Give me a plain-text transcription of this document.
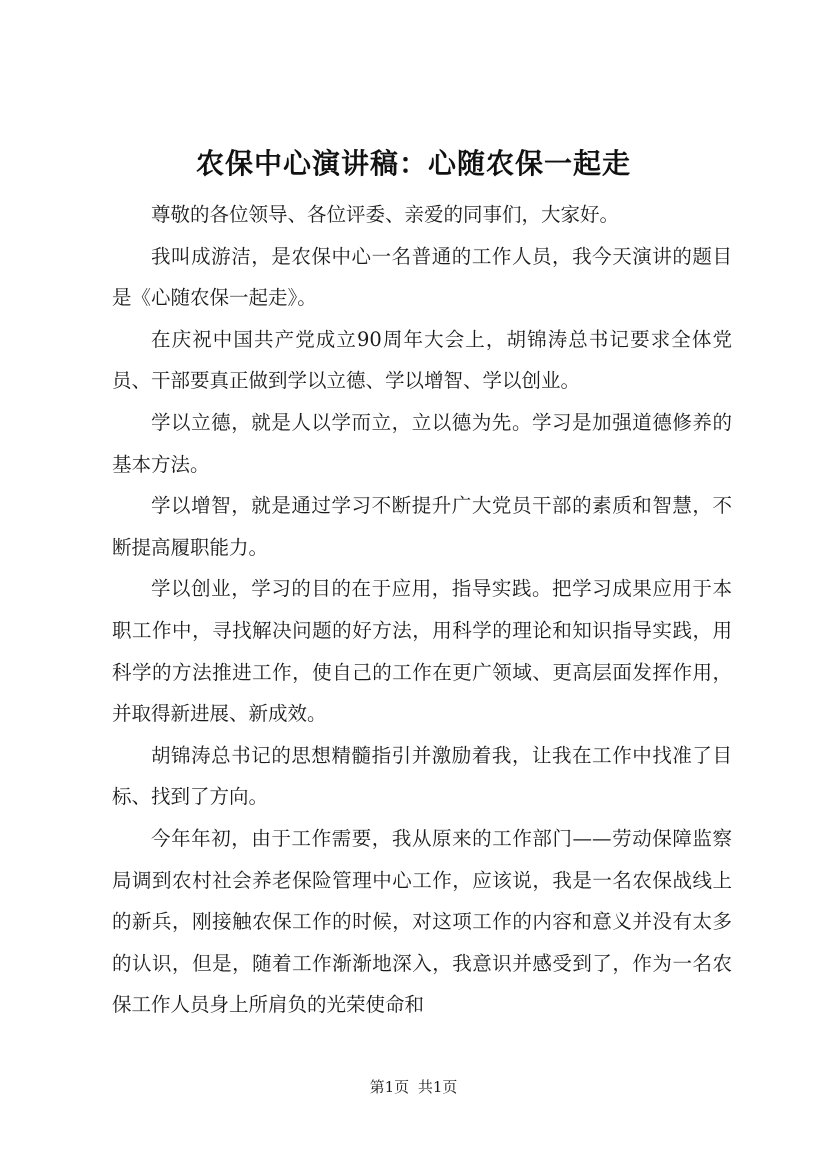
农保中心演讲稿：心随农保一起走

尊敬的各位领导、各位评委、亲爱的同事们，大家好。

我叫成游洁，是农保中心一名普通的工作人员，我今天演讲的题目是《心随农保一起走》。

在庆祝中国共产党成立90周年大会上，胡锦涛总书记要求全体党员、干部要真正做到学以立德、学以增智、学以创业。

学以立德，就是人以学而立，立以德为先。学习是加强道德修养的基本方法。

学以增智，就是通过学习不断提升广大党员干部的素质和智慧，不断提高履职能力。

学以创业，学习的目的在于应用，指导实践。把学习成果应用于本职工作中，寻找解决问题的好方法，用科学的理论和知识指导实践，用科学的方法推进工作，使自己的工作在更广领域、更高层面发挥作用，并取得新进展、新成效。

胡锦涛总书记的思想精髓指引并激励着我，让我在工作中找准了目标、找到了方向。

今年年初，由于工作需要，我从原来的工作部门——劳动保障监察局调到农村社会养老保险管理中心工作，应该说，我是一名农保战线上的新兵，刚接触农保工作的时候，对这项工作的内容和意义并没有太多的认识，但是，随着工作渐渐地深入，我意识并感受到了，作为一名农保工作人员身上所肩负的光荣使命和

第1页 共1页
